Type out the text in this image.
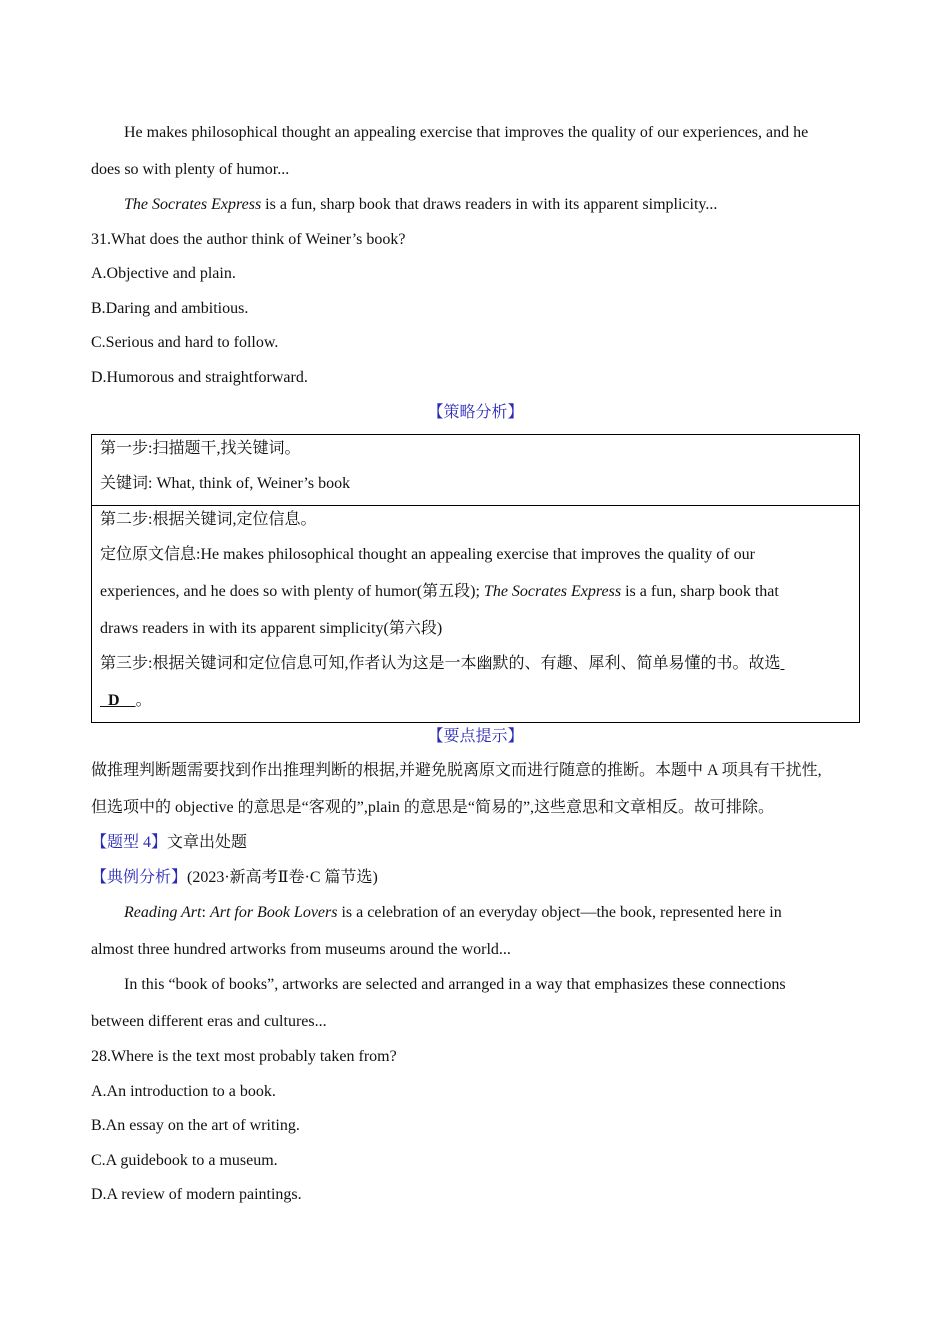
He makes philosophical thought an appealing exercise that improves the quality of our experiences, and he
does so with plenty of humor...
The Socrates Express is a fun, sharp book that draws readers in with its apparent simplicity...
31.What does the author think of Weiner’s book?
A.Objective and plain.
B.Daring and ambitious.
C.Serious and hard to follow.
D.Humorous and straightforward.
【策略分析】
第一步:扫描题干,找关键词。
关键词: What, think of, Weiner’s book
第二步:根据关键词,定位信息。
定位原文信息:He makes philosophical thought an appealing exercise that improves the quality of our
experiences, and he does so with plenty of humor(第五段); The Socrates Express is a fun, sharp book that
draws readers in with its apparent simplicity(第六段)
第三步:根据关键词和定位信息可知,作者认为这是一本幽默的、有趣、犀利、简单易懂的书。故选
D 。
【要点提示】
做推理判断题需要找到作出推理判断的根据,并避免脱离原文而进行随意的推断。本题中 A 项具有干扰性,
但选项中的 objective 的意思是“客观的”,plain 的意思是“简易的”,这些意思和文章相反。故可排除。
【题型 4】文章出处题
【典例分析】(2023·新高考Ⅱ卷·C 篇节选)
Reading Art: Art for Book Lovers is a celebration of an everyday object—the book, represented here in
almost three hundred artworks from museums around the world...
In this “book of books”, artworks are selected and arranged in a way that emphasizes these connections
between different eras and cultures...
28.Where is the text most probably taken from?
A.An introduction to a book.
B.An essay on the art of writing.
C.A guidebook to a museum.
D.A review of modern paintings.
